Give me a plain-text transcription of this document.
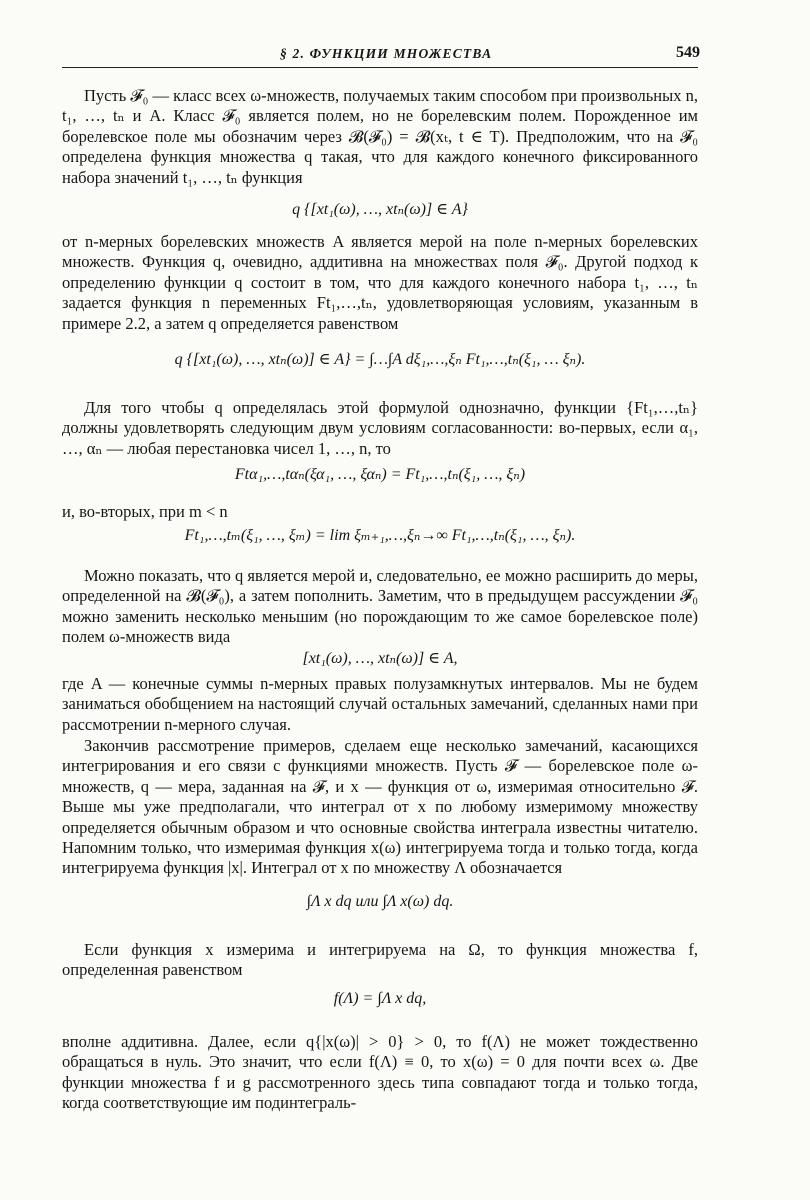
§ 2. ФУНКЦИИ МНОЖЕСТВА	549

Пусть 𝓕₀ — класс всех ω-множеств, получаемых таким способом при произвольных n, t₁, …, tₙ и A. Класс 𝓕₀ является полем, но не борелевским полем. Порожденное им борелевское поле мы обозначим через 𝓑(𝓕₀) = 𝓑(xₜ, t ∈ T). Предположим, что на 𝓕₀ определена функция множества q такая, что для каждого конечного фиксированного набора значений t₁, …, tₙ функция

q {[xt₁(ω), …, xtₙ(ω)] ∈ A}

от n-мерных борелевских множеств A является мерой на поле n-мерных борелевских множеств. Функция q, очевидно, аддитивна на множествах поля 𝓕₀. Другой подход к определению функции q состоит в том, что для каждого конечного набора t₁, …, tₙ задается функция n переменных Ft₁,…,tₙ, удовлетворяющая условиям, указанным в примере 2.2, а затем q определяется равенством

q {[xt₁(ω), …, xtₙ(ω)] ∈ A} = ∫…∫A dξ₁,…,ξₙ Ft₁,…,tₙ(ξ₁, … ξₙ).

Для того чтобы q определялась этой формулой однозначно, функции {Ft₁,…,tₙ} должны удовлетворять следующим двум условиям согласованности: во-первых, если α₁, …, αₙ — любая перестановка чисел 1, …, n, то

Ftα₁,…,tαₙ(ξα₁, …, ξαₙ) = Ft₁,…,tₙ(ξ₁, …, ξₙ)

и, во-вторых, при m < n

Ft₁,…,tₘ(ξ₁, …, ξₘ) = lim ξₘ₊₁,…,ξₙ→∞ Ft₁,…,tₙ(ξ₁, …, ξₙ).

Можно показать, что q является мерой и, следовательно, ее можно расширить до меры, определенной на 𝓑(𝓕₀), а затем пополнить. Заметим, что в предыдущем рассуждении 𝓕₀ можно заменить несколько меньшим (но порождающим то же самое борелевское поле) полем ω-множеств вида

[xt₁(ω), …, xtₙ(ω)] ∈ A,

где A — конечные суммы n-мерных правых полузамкнутых интервалов. Мы не будем заниматься обобщением на настоящий случай остальных замечаний, сделанных нами при рассмотрении n-мерного случая.

Закончив рассмотрение примеров, сделаем еще несколько замечаний, касающихся интегрирования и его связи с функциями множеств. Пусть 𝓕 — борелевское поле ω-множеств, q — мера, заданная на 𝓕, и x — функция от ω, измеримая относительно 𝓕. Выше мы уже предполагали, что интеграл от x по любому измеримому множеству определяется обычным образом и что основные свойства интеграла известны читателю. Напомним только, что измеримая функция x(ω) интегрируема тогда и только тогда, когда интегрируема функция |x|. Интеграл от x по множеству Λ обозначается

∫Λ x dq или ∫Λ x(ω) dq.

Если функция x измерима и интегрируема на Ω, то функция множества f, определенная равенством

f(Λ) = ∫Λ x dq,

вполне аддитивна. Далее, если q{|x(ω)| > 0} > 0, то f(Λ) не может тождественно обращаться в нуль. Это значит, что если f(Λ) ≡ 0, то x(ω) = 0 для почти всех ω. Две функции множества f и g рассмотренного здесь типа совпадают тогда и только тогда, когда соответствующие им подинтеграль-
